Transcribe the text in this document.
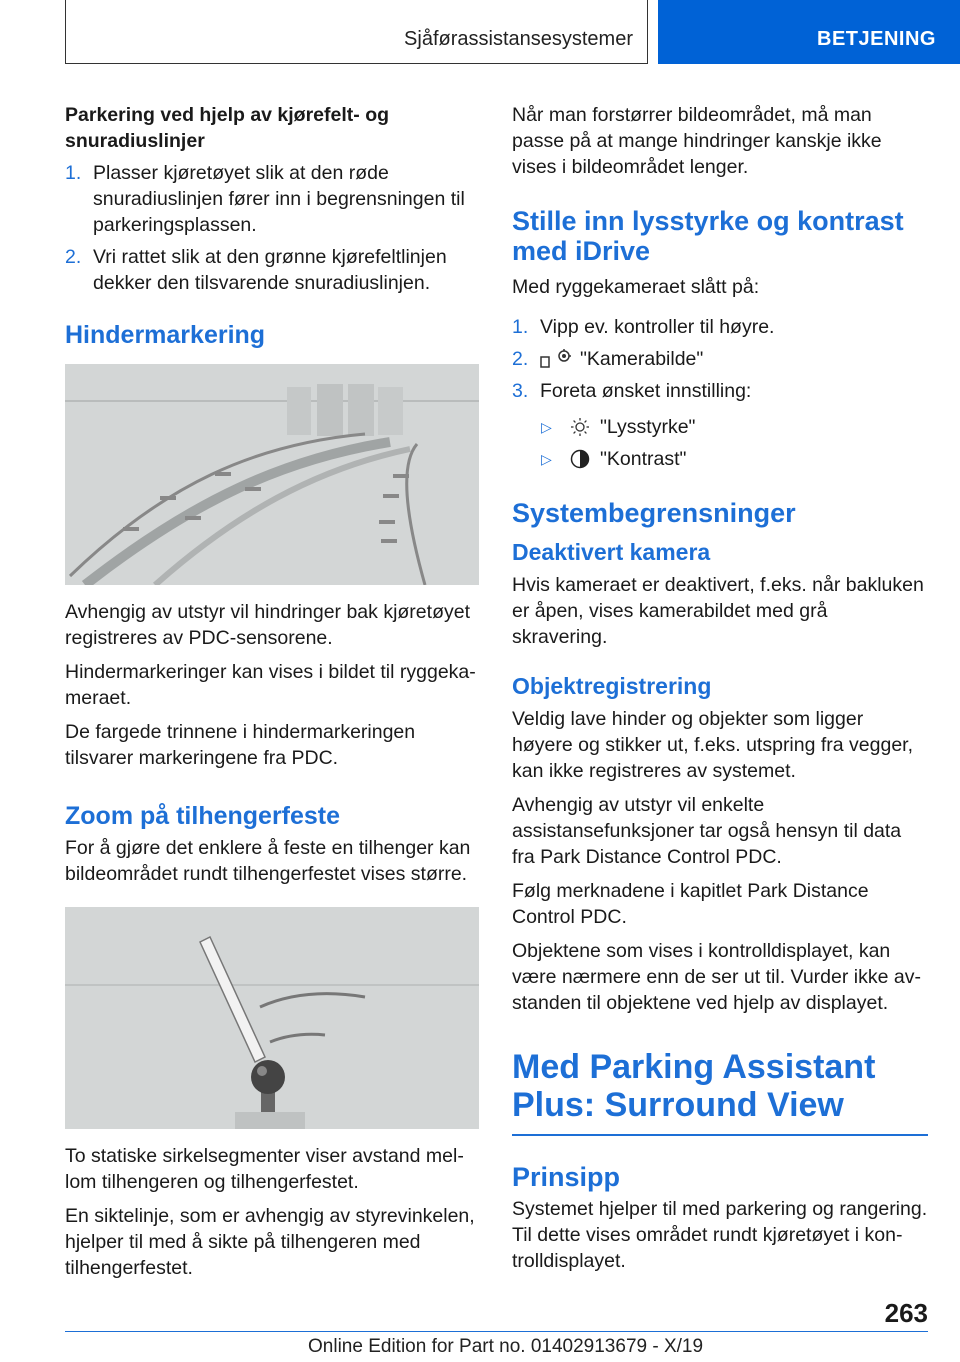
Sjåførassistansesystemer	BETJENING
Parkering ved hjelp av kjørefelt- og snuradiuslinjer
1. Plasser kjøretøyet slik at den røde snuradiuslinjen fører inn i begrensningen til parkeringsplassen.
2. Vri rattet slik at den grønne kjørefeltlinjen dekker den tilsvarende snuradiuslinjen.
Hindermarkering

Avhengig av utstyr vil hindringer bak kjøretøyet registreres av PDC-sensorene.

Hindermarkeringer kan vises i bildet til ryggekameraet.

De fargede trinnene i hindermarkeringen tilsvarer markeringene fra PDC.

Zoom på tilhengerfeste

For å gjøre det enklere å feste en tilhenger kan bildeområdet rundt tilhengerfestet vises større.

To statiske sirkelsegmenter viser avstand mellom tilhengeren og tilhengerfestet.

En siktelinje, som er avhengig av styrevinkelen, hjelper til med å sikte på tilhengeren med tilhengerfestet.

Når man forstørrer bildeområdet, må man passe på at mange hindringer kanskje ikke vises i bildeområdet lenger.

Stille inn lysstyrke og kontrast med iDrive

Med ryggekameraet slått på:

1. Vipp ev. kontroller til høyre.
2.	"Kamerabilde"
3. Foreta ønsket innstilling:
▷ "Lysstyrke"
▷ "Kontrast"
Systembegrensninger
Deaktivert kamera

Hvis kameraet er deaktivert, f.eks. når bakluken er åpen, vises kamerabildet med grå skravering.

Objektregistrering

Veldig lave hinder og objekter som ligger høyere og stikker ut, f.eks. utspring fra vegger, kan ikke registreres av systemet.

Avhengig av utstyr vil enkelte assistansefunksjoner tar også hensyn til data fra Park Distance Control PDC.

Følg merknadene i kapitlet Park Distance Control PDC.

Objektene som vises i kontrolldisplayet, kan være nærmere enn de ser ut til. Vurder ikke avstanden til objektene ved hjelp av displayet.

Med Parking Assistant Plus: Surround View
Prinsipp

Systemet hjelper til med parkering og rangering. Til dette vises området rundt kjøretøyet i kontrolldisplayet.

263
Online Edition for Part no. 01402913679 - X/19
